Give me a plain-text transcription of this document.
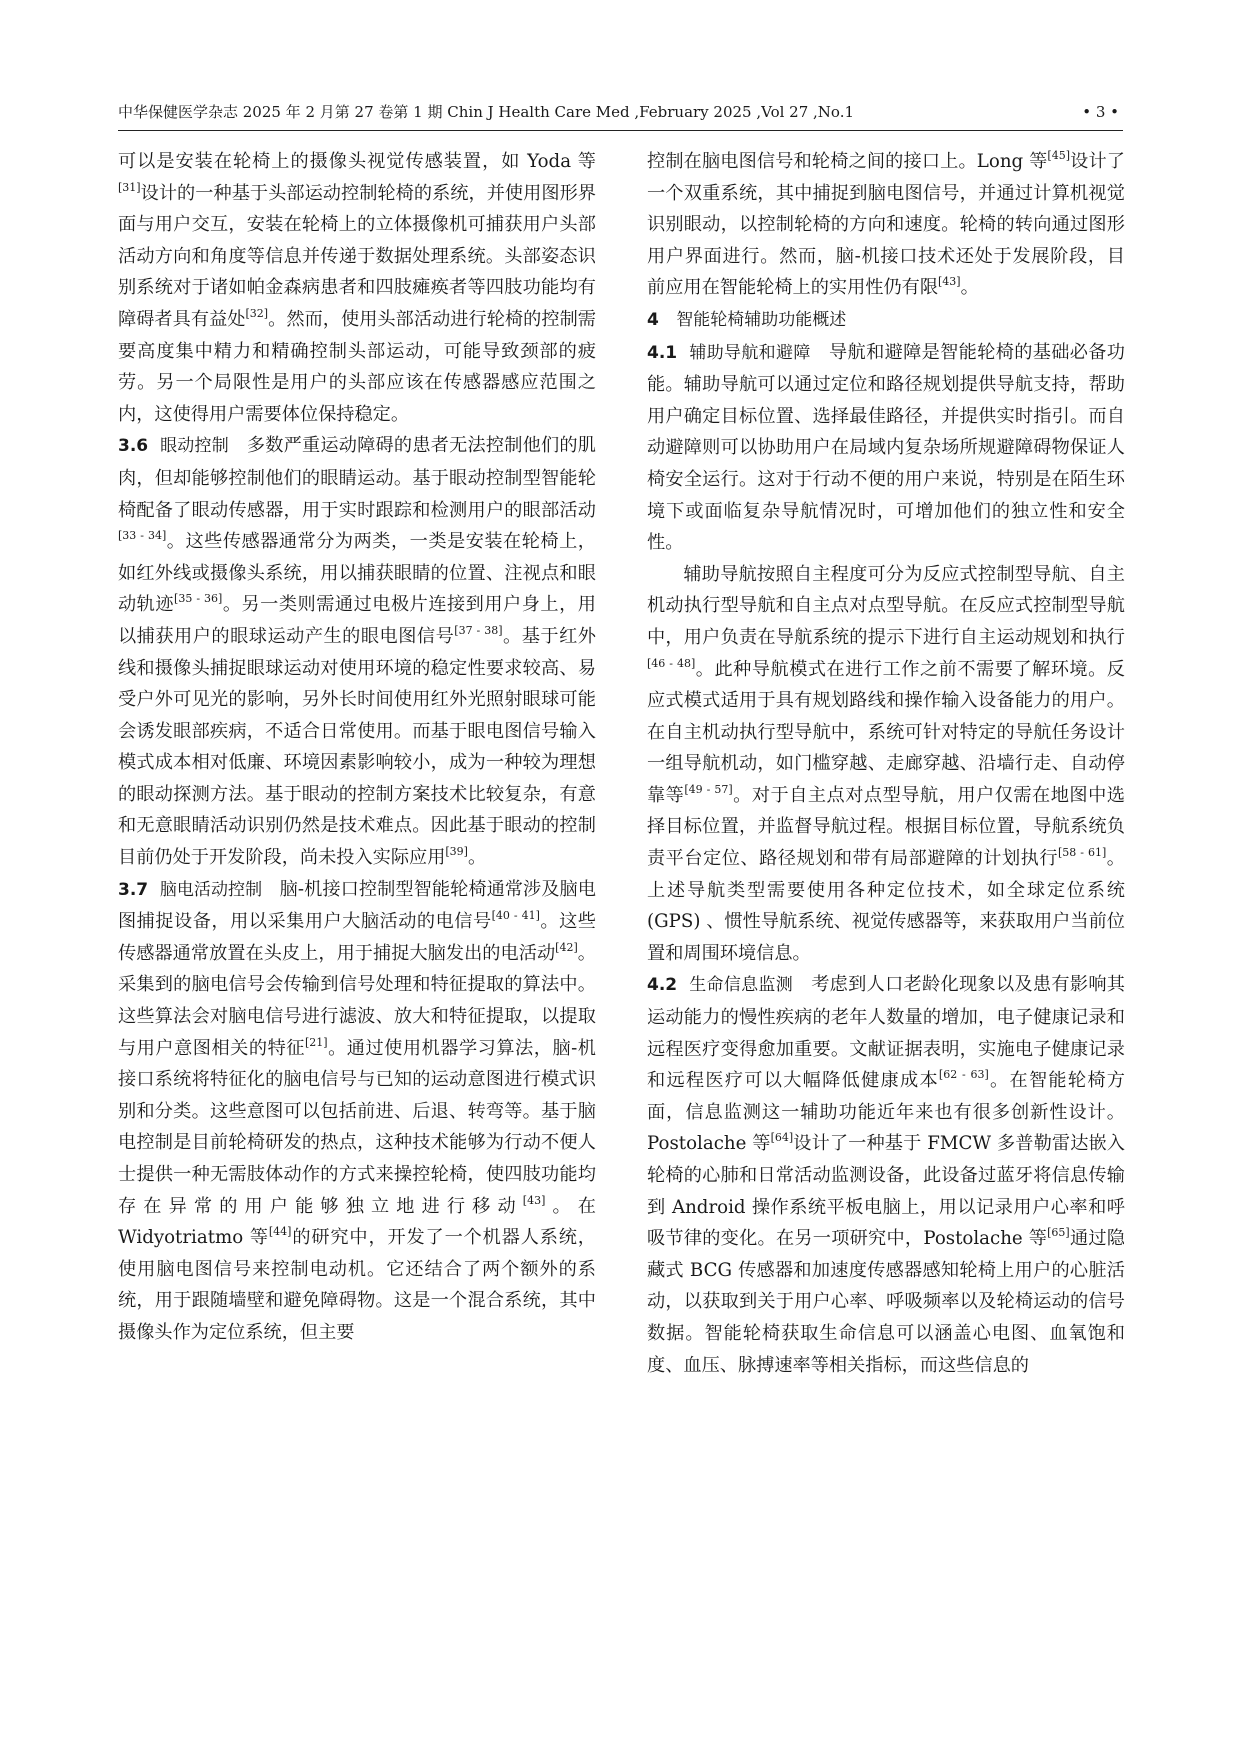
中华保健医学杂志 2025 年 2 月第 27 卷第 1 期 Chin J Health Care Med ,February 2025 ,Vol 27 ,No.1	• 3 •

可以是安装在轮椅上的摄像头视觉传感装置，如 Yoda 等[31]设计的一种基于头部运动控制轮椅的系统，并使用图形界面与用户交互，安装在轮椅上的立体摄像机可捕获用户头部活动方向和角度等信息并传递于数据处理系统。头部姿态识别系统对于诸如帕金森病患者和四肢瘫痪者等四肢功能均有障碍者具有益处[32]。然而，使用头部活动进行轮椅的控制需要高度集中精力和精确控制头部运动，可能导致颈部的疲劳。另一个局限性是用户的头部应该在传感器感应范围之内，这使得用户需要体位保持稳定。

3.6 眼动控制 多数严重运动障碍的患者无法控制他们的肌肉，但却能够控制他们的眼睛运动。基于眼动控制型智能轮椅配备了眼动传感器，用于实时跟踪和检测用户的眼部活动[33 - 34]。这些传感器通常分为两类，一类是安装在轮椅上，如红外线或摄像头系统，用以捕获眼睛的位置、注视点和眼动轨迹[35 - 36]。另一类则需通过电极片连接到用户身上，用以捕获用户的眼球运动产生的眼电图信号[37 - 38]。基于红外线和摄像头捕捉眼球运动对使用环境的稳定性要求较高、易受户外可见光的影响，另外长时间使用红外光照射眼球可能会诱发眼部疾病，不适合日常使用。而基于眼电图信号输入模式成本相对低廉、环境因素影响较小，成为一种较为理想的眼动探测方法。基于眼动的控制方案技术比较复杂，有意和无意眼睛活动识别仍然是技术难点。因此基于眼动的控制目前仍处于开发阶段，尚未投入实际应用[39]。

3.7 脑电活动控制 脑-机接口控制型智能轮椅通常涉及脑电图捕捉设备，用以采集用户大脑活动的电信号[40 - 41]。这些传感器通常放置在头皮上，用于捕捉大脑发出的电活动[42]。采集到的脑电信号会传输到信号处理和特征提取的算法中。这些算法会对脑电信号进行滤波、放大和特征提取，以提取与用户意图相关的特征[21]。通过使用机器学习算法，脑-机接口系统将特征化的脑电信号与已知的运动意图进行模式识别和分类。这些意图可以包括前进、后退、转弯等。基于脑电控制是目前轮椅研发的热点，这种技术能够为行动不便人士提供一种无需肢体动作的方式来操控轮椅，使四肢功能均存在异常的用户能够独立地进行移动[43]。在 Widyotriatmo 等[44]的研究中，开发了一个机器人系统，使用脑电图信号来控制电动机。它还结合了两个额外的系统，用于跟随墙壁和避免障碍物。这是一个混合系统，其中摄像头作为定位系统，但主要

控制在脑电图信号和轮椅之间的接口上。Long 等[45]设计了一个双重系统，其中捕捉到脑电图信号，并通过计算机视觉识别眼动，以控制轮椅的方向和速度。轮椅的转向通过图形用户界面进行。然而，脑-机接口技术还处于发展阶段，目前应用在智能轮椅上的实用性仍有限[43]。

4 智能轮椅辅助功能概述

4.1 辅助导航和避障 导航和避障是智能轮椅的基础必备功能。辅助导航可以通过定位和路径规划提供导航支持，帮助用户确定目标位置、选择最佳路径，并提供实时指引。而自动避障则可以协助用户在局域内复杂场所规避障碍物保证人椅安全运行。这对于行动不便的用户来说，特别是在陌生环境下或面临复杂导航情况时，可增加他们的独立性和安全性。

辅助导航按照自主程度可分为反应式控制型导航、自主机动执行型导航和自主点对点型导航。在反应式控制型导航中，用户负责在导航系统的提示下进行自主运动规划和执行[46 - 48]。此种导航模式在进行工作之前不需要了解环境。反应式模式适用于具有规划路线和操作输入设备能力的用户。在自主机动执行型导航中，系统可针对特定的导航任务设计一组导航机动，如门槛穿越、走廊穿越、沿墙行走、自动停靠等[49 - 57]。对于自主点对点型导航，用户仅需在地图中选择目标位置，并监督导航过程。根据目标位置，导航系统负责平台定位、路径规划和带有局部避障的计划执行[58 - 61]。上述导航类型需要使用各种定位技术，如全球定位系统 (GPS) 、惯性导航系统、视觉传感器等，来获取用户当前位置和周围环境信息。

4.2 生命信息监测 考虑到人口老龄化现象以及患有影响其运动能力的慢性疾病的老年人数量的增加，电子健康记录和远程医疗变得愈加重要。文献证据表明，实施电子健康记录和远程医疗可以大幅降低健康成本[62 - 63]。在智能轮椅方面，信息监测这一辅助功能近年来也有很多创新性设计。Postolache 等[64]设计了一种基于 FMCW 多普勒雷达嵌入轮椅的心肺和日常活动监测设备，此设备过蓝牙将信息传输到 Android 操作系统平板电脑上，用以记录用户心率和呼吸节律的变化。在另一项研究中，Postolache 等[65]通过隐藏式 BCG 传感器和加速度传感器感知轮椅上用户的心脏活动，以获取到关于用户心率、呼吸频率以及轮椅运动的信号数据。智能轮椅获取生命信息可以涵盖心电图、血氧饱和度、血压、脉搏速率等相关指标，而这些信息的
